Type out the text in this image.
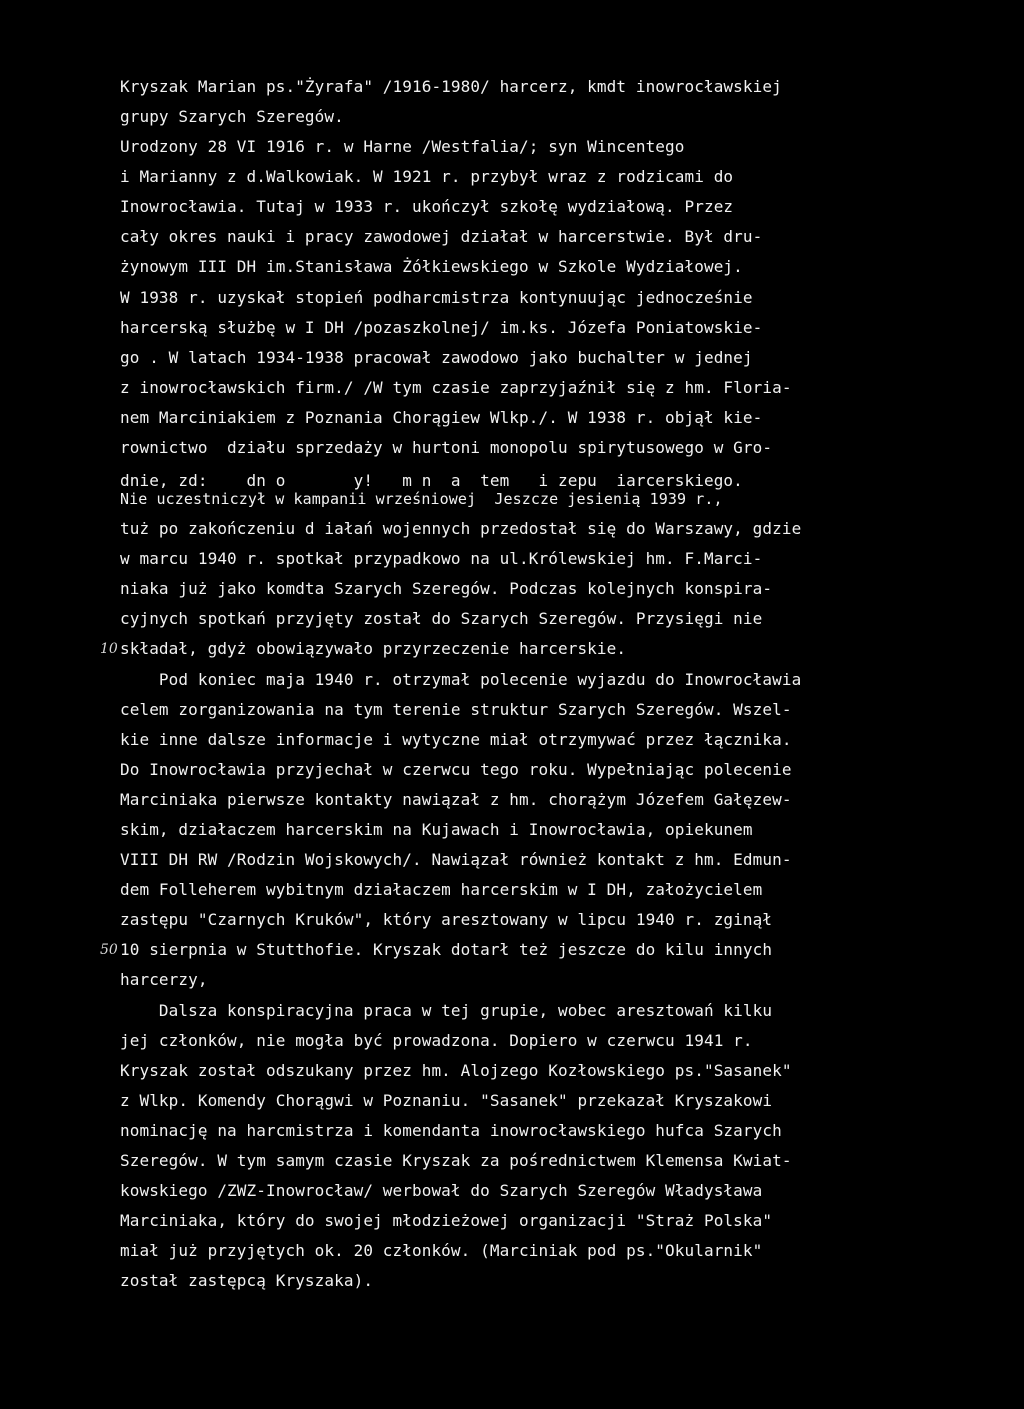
Kryszak Marian ps."Żyrafa" /1916-1980/ harcerz, kmdt inowrocławskiej
grupy Szarych Szeregów.
Urodzony 28 VI 1916 r. w Harne /Westfalia/; syn Wincentego
i Marianny z d.Walkowiak. W 1921 r. przybył wraz z rodzicami do
Inowrocławia. Tutaj w 1933 r. ukończył szkołę wydziałową. Przez
cały okres nauki i pracy zawodowej działał w harcerstwie. Był dru-
żynowym III DH im.Stanisława Żółkiewskiego w Szkole Wydziałowej.
W 1938 r. uzyskał stopień podharcmistrza kontynuując jednocześnie
harcerską służbę w I DH /pozaszkolnej/ im.ks. Józefa Poniatowskie-
go . W latach 1934-1938 pracował zawodowo jako buchalter w jednej
z inowrocławskich firm./ /W tym czasie zaprzyjaźnił się z hm. Floria-
nem Marciniakiem z Poznania Chorągiew Wlkp./. W 1938 r. objął kie-
rownictwo  działu sprzedaży w hurtoni monopolu spirytusowego w Gro-
dnie, zd:    dn o       y!   m n  a  tem   i zepu  iarcerskiego.
Nie uczestniczył w kampanii wrześniowej  Jeszcze jesienią 1939 r.,
tuż po zakończeniu d iałań wojennych przedostał się do Warszawy, gdzie
w marcu 1940 r. spotkał przypadkowo na ul.Królewskiej hm. F.Marci-
niaka już jako komdta Szarych Szeregów. Podczas kolejnych konspira-
cyjnych spotkań przyjęty został do Szarych Szeregów. Przysięgi nie
składał, gdyż obowiązywało przyrzeczenie harcerskie.
Pod koniec maja 1940 r. otrzymał polecenie wyjazdu do Inowrocławia
celem zorganizowania na tym terenie struktur Szarych Szeregów. Wszel-
kie inne dalsze informacje i wytyczne miał otrzymywać przez łącznika.
Do Inowrocławia przyjechał w czerwcu tego roku. Wypełniając polecenie
Marciniaka pierwsze kontakty nawiązał z hm. chorążym Józefem Gałęzew-
skim, działaczem harcerskim na Kujawach i Inowrocławia, opiekunem
VIII DH RW /Rodzin Wojskowych/. Nawiązał również kontakt z hm. Edmun-
dem Folleherem wybitnym działaczem harcerskim w I DH, założycielem
zastępu "Czarnych Kruków", który aresztowany w lipcu 1940 r. zginął
10 sierpnia w Stutthofie. Kryszak dotarł też jeszcze do kilu innych
harcerzy,
Dalsza konspiracyjna praca w tej grupie, wobec aresztowań kilku
jej członków, nie mogła być prowadzona. Dopiero w czerwcu 1941 r.
Kryszak został odszukany przez hm. Alojzego Kozłowskiego ps."Sasanek"
z Wlkp. Komendy Chorągwi w Poznaniu. "Sasanek" przekazał Kryszakowi
nominację na harcmistrza i komendanta inowrocławskiego hufca Szarych
Szeregów. W tym samym czasie Kryszak za pośrednictwem Klemensa Kwiat-
kowskiego /ZWZ-Inowrocław/ werbował do Szarych Szeregów Władysława
Marciniaka, który do swojej młodzieżowej organizacji "Straż Polska"
miał już przyjętych ok. 20 członków. (Marciniak pod ps."Okularnik"
został zastępcą Kryszaka).
10
50
